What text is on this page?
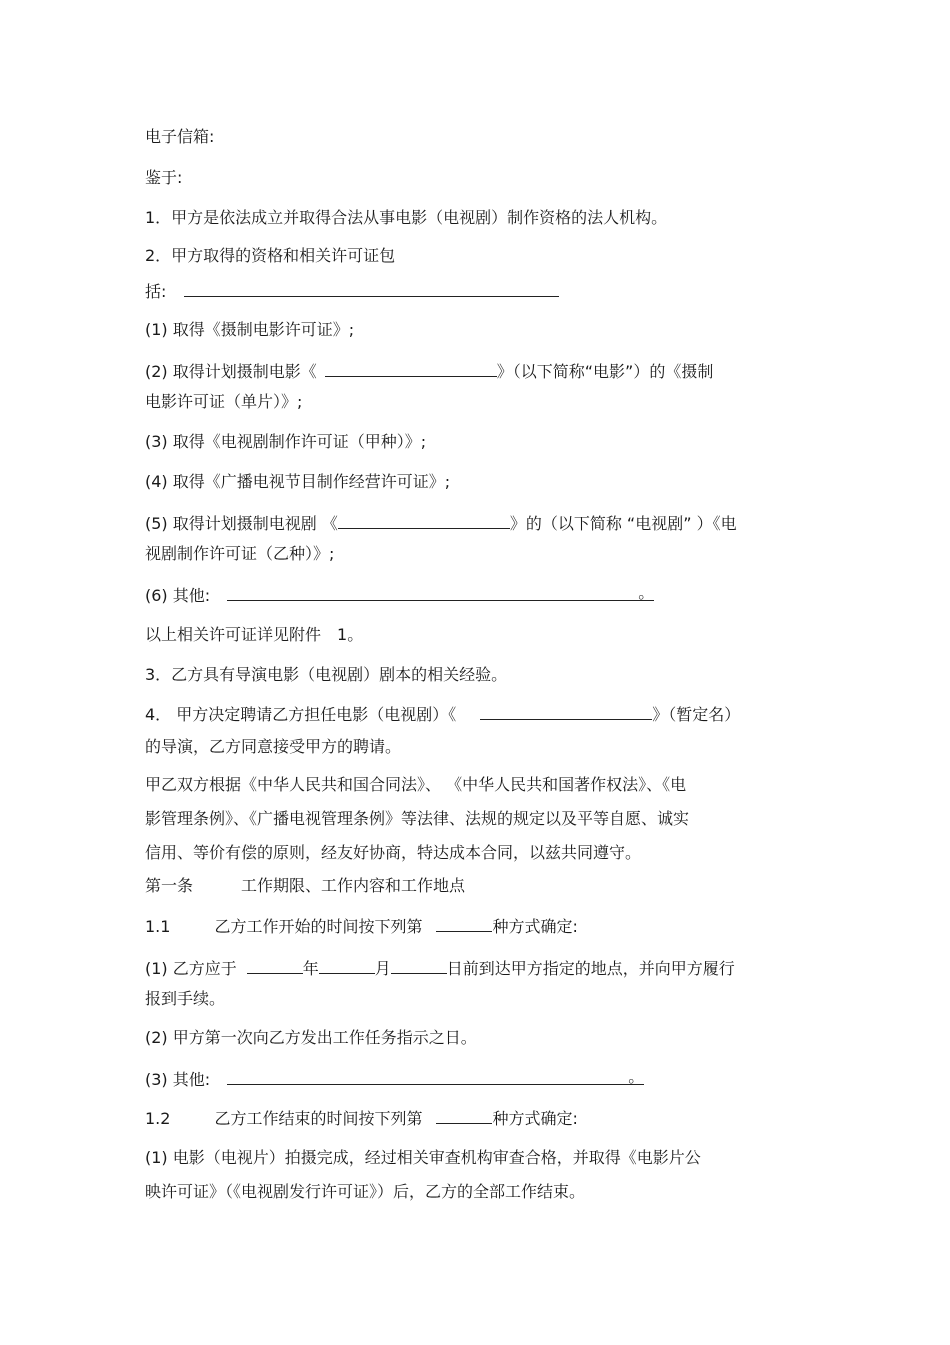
电子信箱:
鉴于:
1．甲方是依法成立并取得合法从事电影（电视剧）制作资格的法人机构。
2．甲方取得的资格和相关许可证包
括:
(1) 取得《摄制电影许可证》;
(2) 取得计划摄制电影《	》（以下简称“电影”）的《摄制
电影许可证（单片）》;
(3) 取得《电视剧制作许可证（甲种）》;
(4) 取得《广播电视节目制作经营许可证》;
(5) 取得计划摄制电视剧 《	》的（以下简称 “电视剧” ）《电
视剧制作许可证（乙种）》;
(6) 其他:	。
以上相关许可证详见附件 1。
3．乙方具有导演电影（电视剧）剧本的相关经验。
4． 甲方决定聘请乙方担任电影（电视剧）《	》（暂定名）
的导演，乙方同意接受甲方的聘请。
甲乙双方根据《中华人民共和国合同法》、 《中华人民共和国著作权法》、《电
影管理条例》、《广播电视管理条例》等法律、法规的规定以及平等自愿、诚实
信用、等价有偿的原则，经友好协商，特达成本合同，以兹共同遵守。
第一条	工作期限、工作内容和工作地点
1.1	乙方工作开始的时间按下列第	种方式确定:
(1) 乙方应于	年	月	日前到达甲方指定的地点，并向甲方履行
报到手续。
(2) 甲方第一次向乙方发出工作任务指示之日。
(3) 其他:	。
1.2	乙方工作结束的时间按下列第	种方式确定:
(1) 电影（电视片）拍摄完成，经过相关审查机构审查合格，并取得《电影片公
映许可证》（《电视剧发行许可证》）后，乙方的全部工作结束。
